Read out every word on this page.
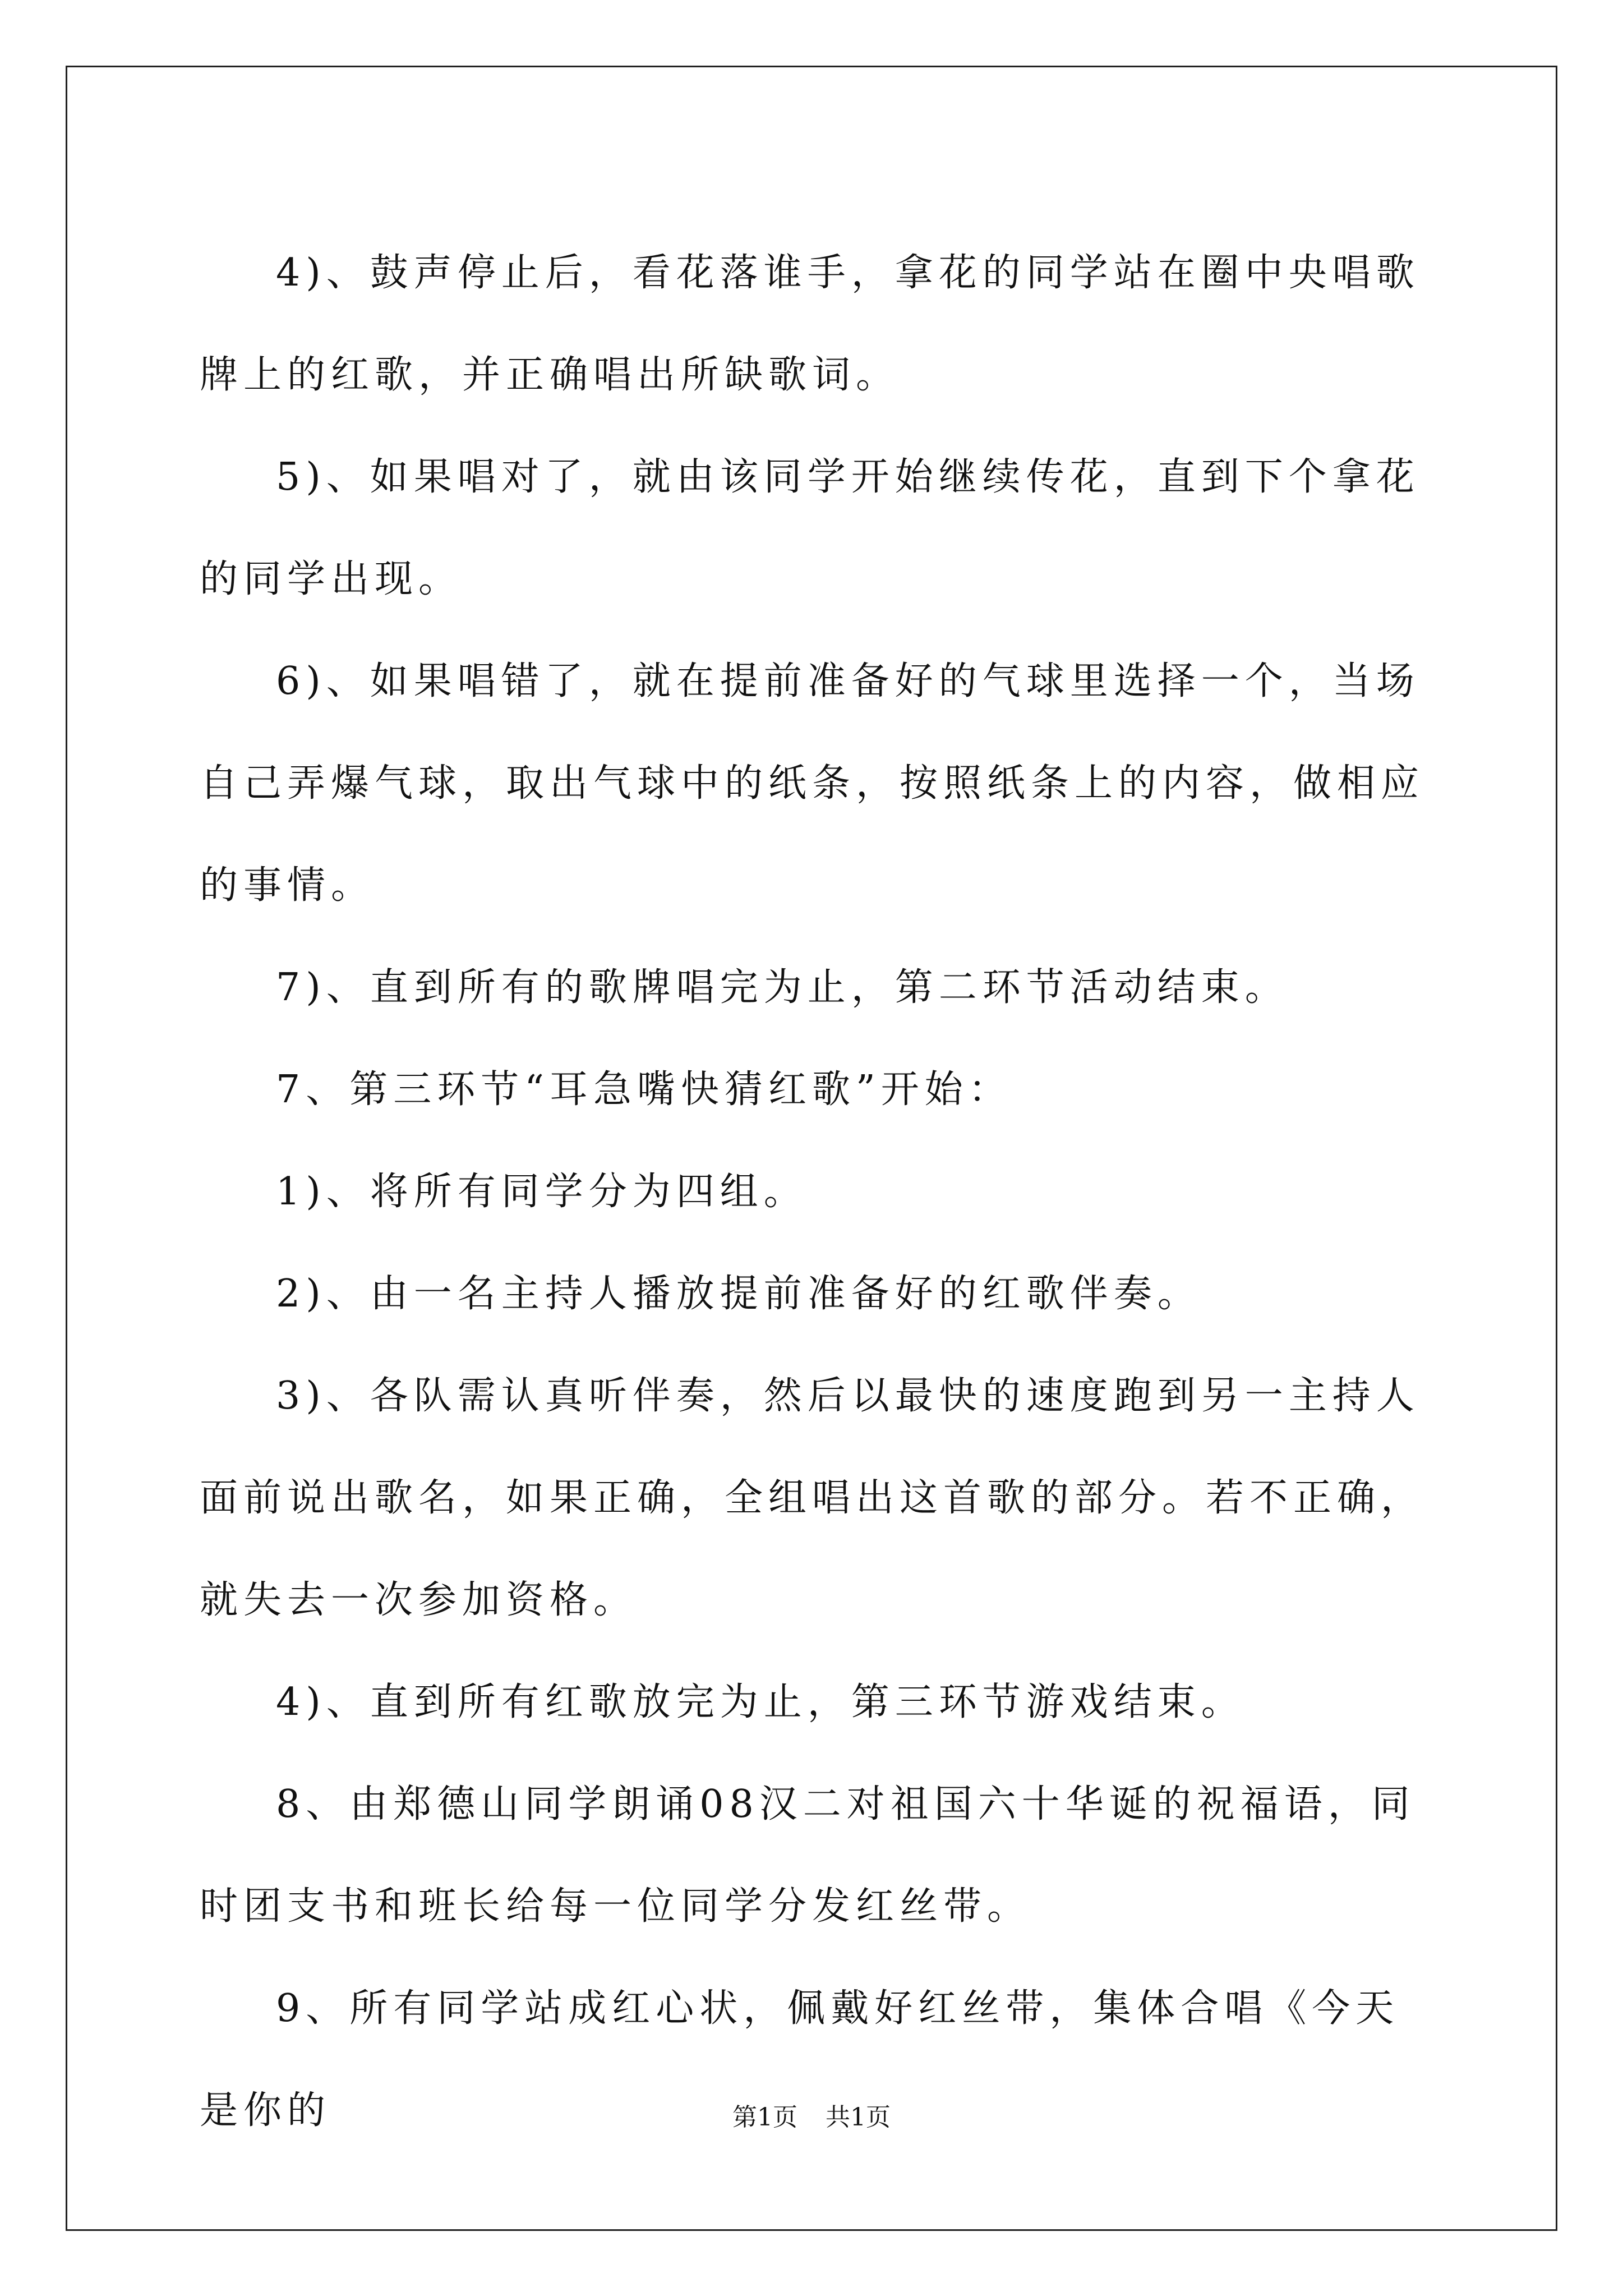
4)、鼓声停止后，看花落谁手，拿花的同学站在圈中央唱歌牌上的红歌，并正确唱出所缺歌词。

5)、如果唱对了，就由该同学开始继续传花，直到下个拿花的同学出现。

6)、如果唱错了，就在提前准备好的气球里选择一个，当场自己弄爆气球，取出气球中的纸条，按照纸条上的内容，做相应的事情。

7)、直到所有的歌牌唱完为止，第二环节活动结束。

7、第三环节“耳急嘴快猜红歌”开始：

1)、将所有同学分为四组。

2)、由一名主持人播放提前准备好的红歌伴奏。

3)、各队需认真听伴奏，然后以最快的速度跑到另一主持人面前说出歌名，如果正确，全组唱出这首歌的部分。若不正确，就失去一次参加资格。

4)、直到所有红歌放完为止，第三环节游戏结束。

8、由郑德山同学朗诵08汉二对祖国六十华诞的祝福语，同时团支书和班长给每一位同学分发红丝带。

9、所有同学站成红心状，佩戴好红丝带，集体合唱《今天是你的	第1页 共1页
